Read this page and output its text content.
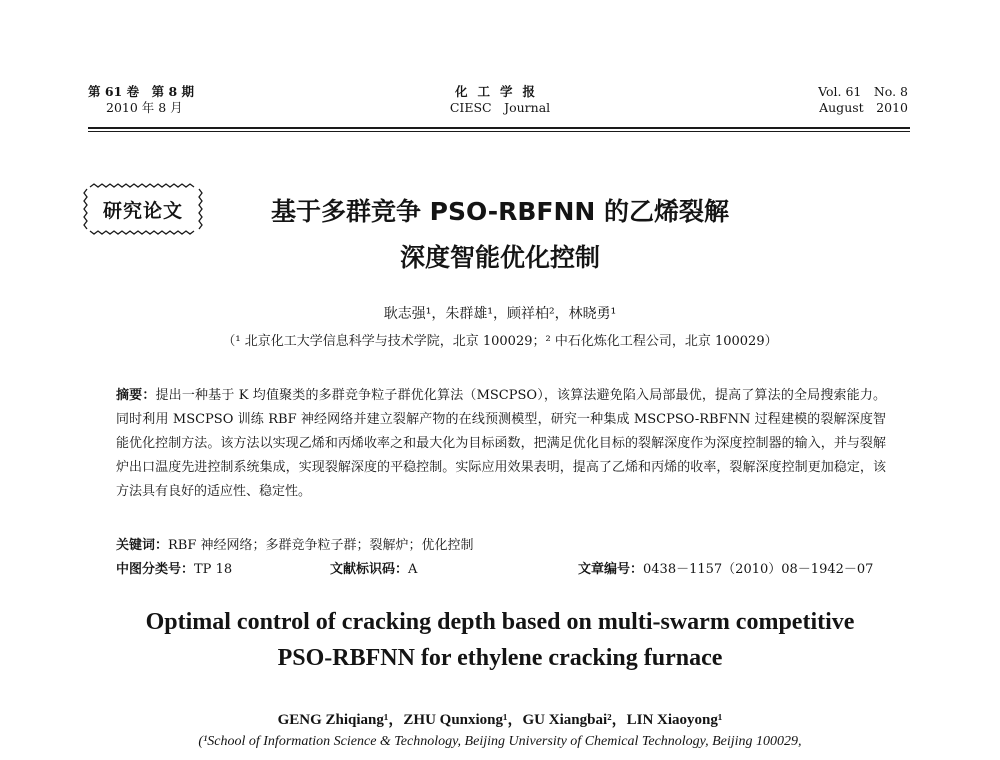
第 61 卷　第 8 期
2010 年 8 月
化工学报
CIESC　Journal
Vol. 61　No. 8
August　2010
研究论文	基于多群竞争 PSO-RBFNN 的乙烯裂解
深度智能优化控制
耿志强¹，朱群雄¹，顾祥柏²，林晓勇¹
（¹ 北京化工大学信息科学与技术学院，北京 100029；² 中石化炼化工程公司，北京 100029）
摘要：提出一种基于 K 均值聚类的多群竞争粒子群优化算法（MSCPSO），该算法避免陷入局部最优，提高了算法的全局搜索能力。同时利用 MSCPSO 训练 RBF 神经网络并建立裂解产物的在线预测模型，研究一种集成 MSCPSO-RBFNN 过程建模的裂解深度智能优化控制方法。该方法以实现乙烯和丙烯收率之和最大化为目标函数，把满足优化目标的裂解深度作为深度控制器的输入，并与裂解炉出口温度先进控制系统集成，实现裂解深度的平稳控制。实际应用效果表明，提高了乙烯和丙烯的收率，裂解深度控制更加稳定，该方法具有良好的适应性、稳定性。
关键词：RBF 神经网络；多群竞争粒子群；裂解炉；优化控制
中图分类号：TP 18	文献标识码：A	文章编号：0438－1157（2010）08－1942－07
Optimal control of cracking depth based on multi-swarm competitive
PSO-RBFNN for ethylene cracking furnace
GENG Zhiqiang¹，ZHU Qunxiong¹，GU Xiangbai²，LIN Xiaoyong¹
(¹School of Information Science & Technology, Beijing University of Chemical Technology, Beijing 100029,
